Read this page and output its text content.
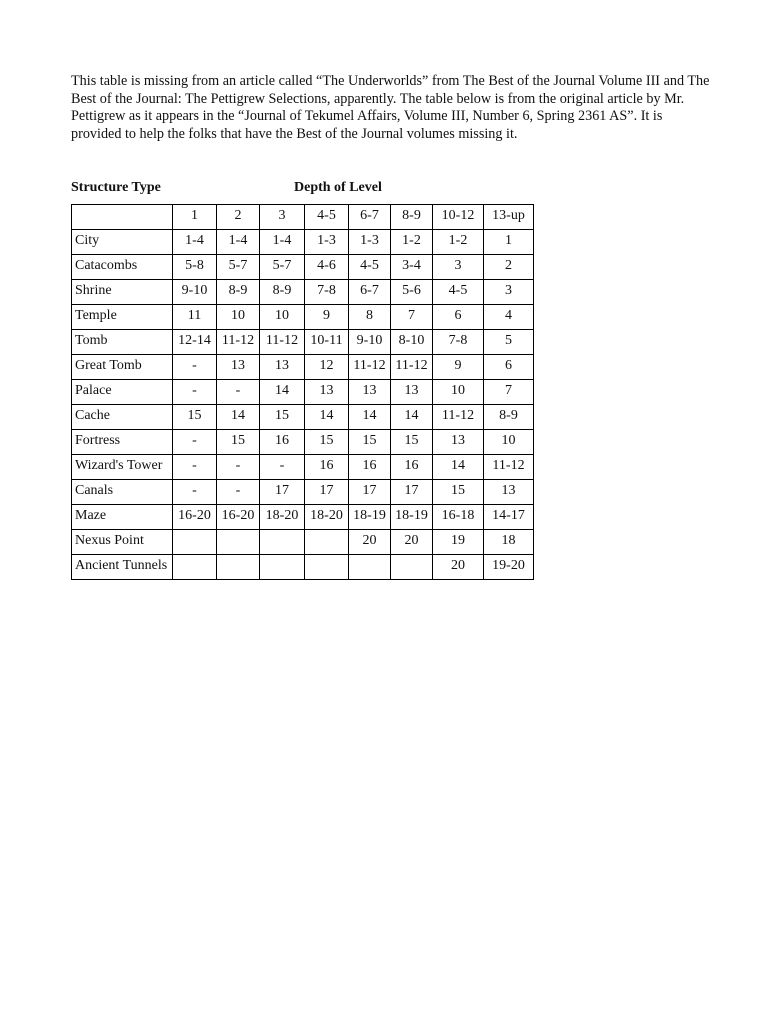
This table is missing from an article called “The Underworlds” from The Best of the Journal Volume III and The Best of the Journal: The Pettigrew Selections, apparently. The table below is from the original article by Mr. Pettigrew as it appears in the “Journal of Tekumel Affairs, Volume III, Number 6, Spring 2361 AS”. It is provided to help the folks that have the Best of the Journal volumes missing it.

Structure Type	Depth of Level
	1	2	3	4-5	6-7	8-9	10-12	13-up
City	1-4	1-4	1-4	1-3	1-3	1-2	1-2	1
Catacombs	5-8	5-7	5-7	4-6	4-5	3-4	3	2
Shrine	9-10	8-9	8-9	7-8	6-7	5-6	4-5	3
Temple	11	10	10	9	8	7	6	4
Tomb	12-14	11-12	11-12	10-11	9-10	8-10	7-8	5
Great Tomb	-	13	13	12	11-12	11-12	9	6
Palace	-	-	14	13	13	13	10	7
Cache	15	14	15	14	14	14	11-12	8-9
Fortress	-	15	16	15	15	15	13	10
Wizard's Tower	-	-	-	16	16	16	14	11-12
Canals	-	-	17	17	17	17	15	13
Maze	16-20	16-20	18-20	18-20	18-19	18-19	16-18	14-17
Nexus Point					20	20	19	18
Ancient Tunnels							20	19-20
